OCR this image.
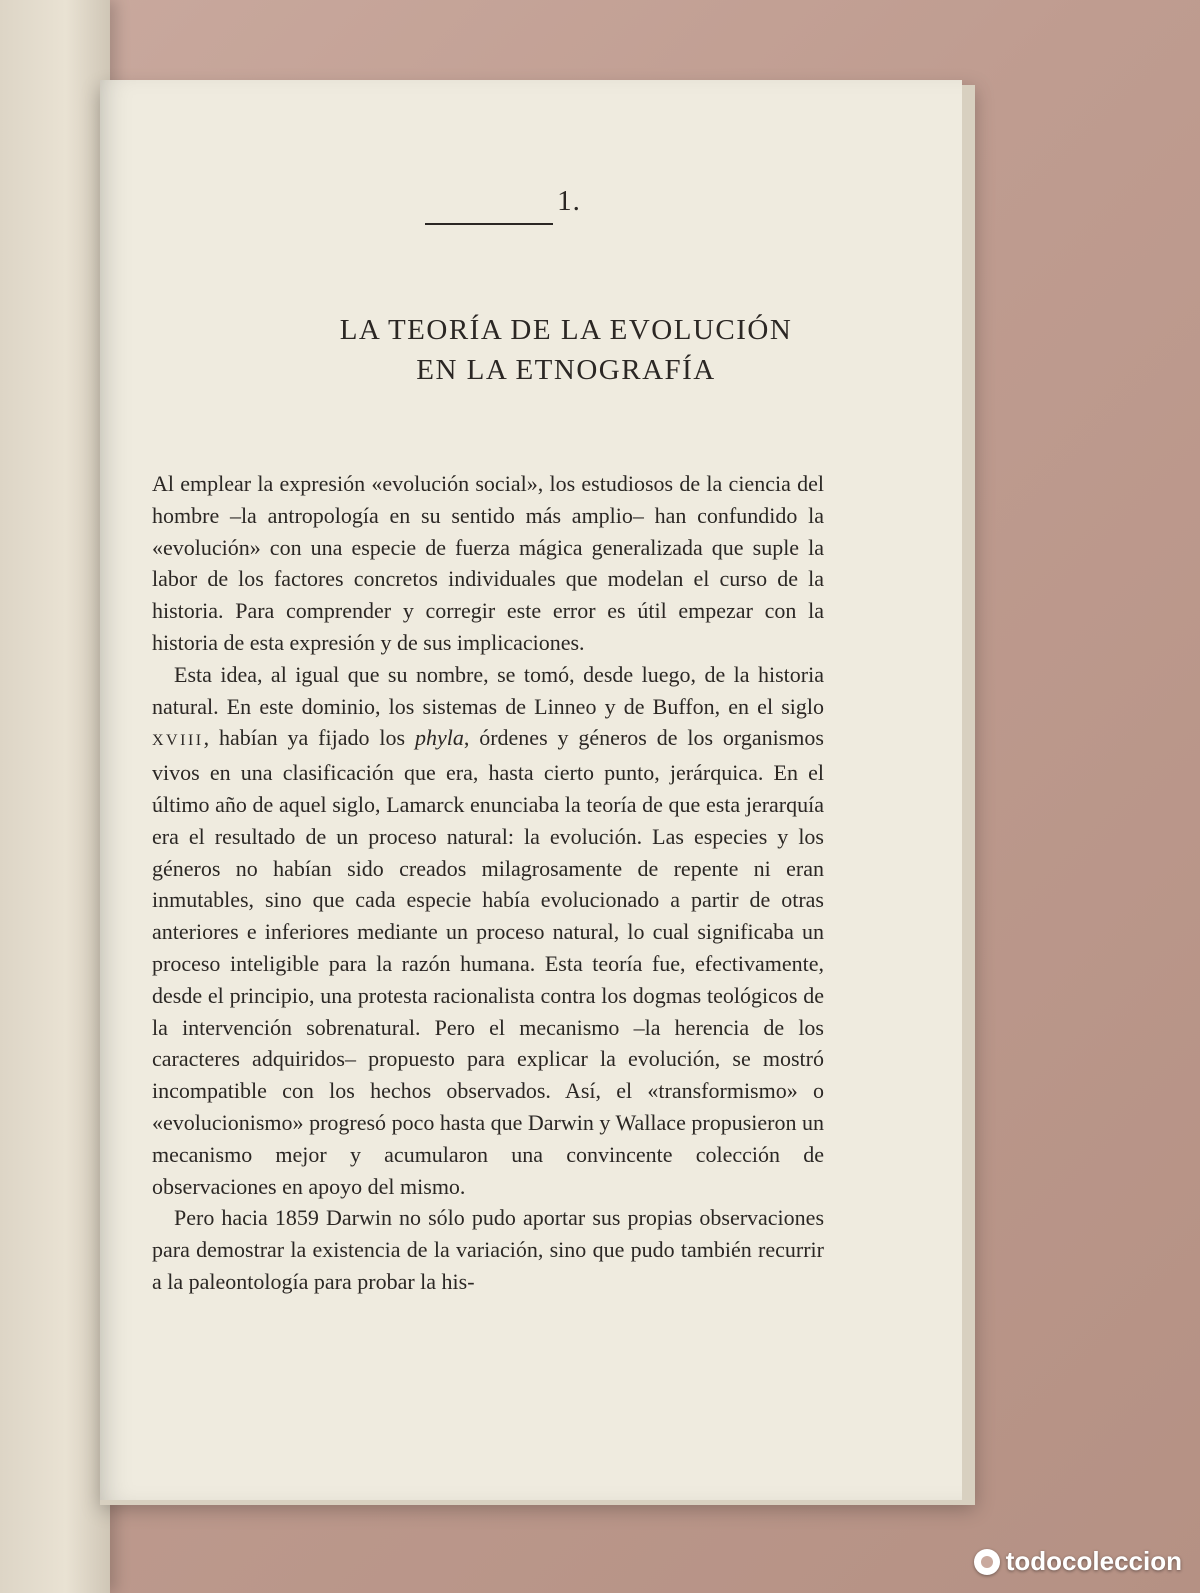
1.
LA TEORÍA DE LA EVOLUCIÓN
EN LA ETNOGRAFÍA

Al emplear la expresión «evolución social», los estudiosos de la ciencia del hombre –la antropología en su sentido más amplio– han confundido la «evolución» con una especie de fuerza mágica generalizada que suple la labor de los factores concretos individuales que modelan el curso de la historia. Para comprender y corregir este error es útil empezar con la historia de esta expresión y de sus implicaciones.

Esta idea, al igual que su nombre, se tomó, desde luego, de la historia natural. En este dominio, los sistemas de Linneo y de Buffon, en el siglo XVIII, habían ya fijado los phyla, órdenes y géneros de los organismos vivos en una clasificación que era, hasta cierto punto, jerárquica. En el último año de aquel siglo, Lamarck enunciaba la teoría de que esta jerarquía era el resultado de un proceso natural: la evolución. Las especies y los géneros no habían sido creados milagrosamente de repente ni eran inmutables, sino que cada especie había evolucionado a partir de otras anteriores e inferiores mediante un proceso natural, lo cual significaba un proceso inteligible para la razón humana. Esta teoría fue, efectivamente, desde el principio, una protesta racionalista contra los dogmas teológicos de la intervención sobrenatural. Pero el mecanismo –la herencia de los caracteres adquiridos– propuesto para explicar la evolución, se mostró incompatible con los hechos observados. Así, el «transformismo» o «evolucionismo» progresó poco hasta que Darwin y Wallace propusieron un mecanismo mejor y acumularon una convincente colección de observaciones en apoyo del mismo.

Pero hacia 1859 Darwin no sólo pudo aportar sus propias observaciones para demostrar la existencia de la variación, sino que pudo también recurrir a la paleontología para probar la his-

todocoleccion
